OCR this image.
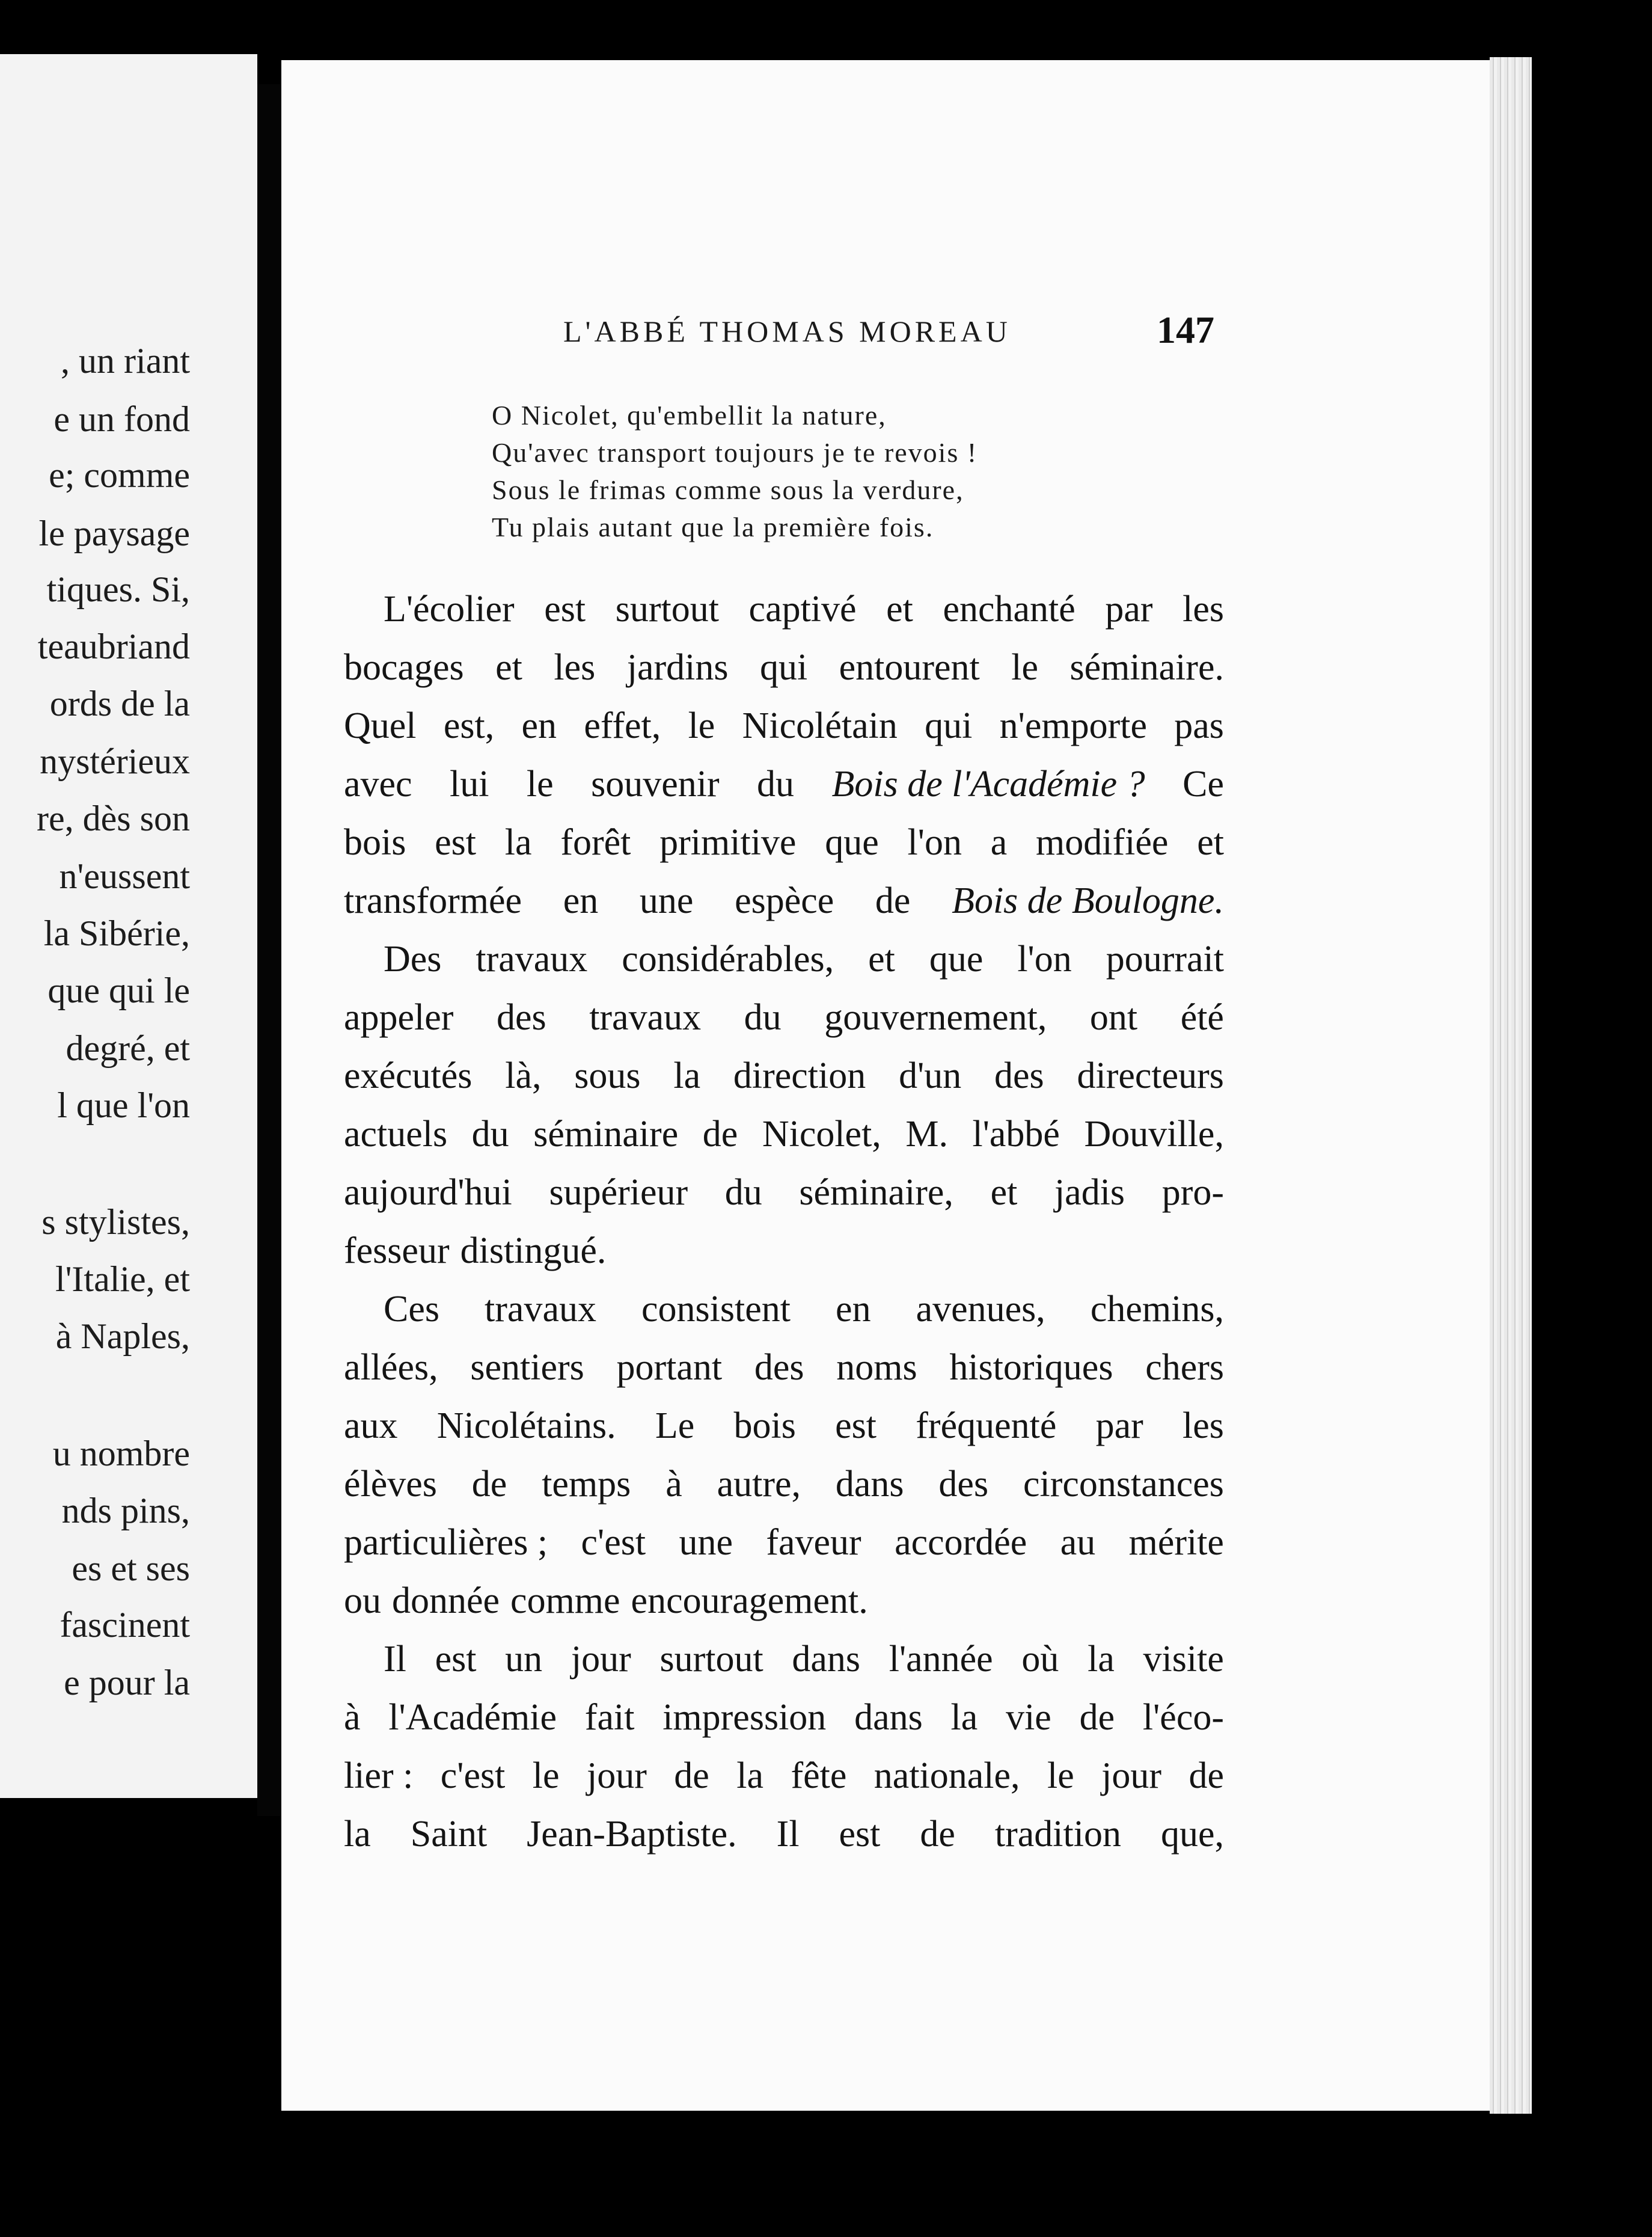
, un riant
e un fond
e; comme
le paysage
tiques. Si,
teaubriand
ords de la
nystérieux
re, dès son
n'eussent
la Sibérie,
que qui le
degré, et
l que l'on
s stylistes,
l'Italie, et
à Naples,
u nombre
nds pins,
es et ses
fascinent
e pour la
L'ABBÉ THOMAS MOREAU	147
O Nicolet, qu'embellit la nature,
Qu'avec transport toujours je te revois !
Sous le frimas comme sous la verdure,
Tu plais autant que la première fois.
L'écolier est surtout captivé et enchanté par les
bocages et les jardins qui entourent le séminaire.
Quel est, en effet, le Nicolétain qui n'emporte pas
avec lui le souvenir du Bois de l'Académie ? Ce
bois est la forêt primitive que l'on a modifiée et
transformée en une espèce de Bois de Boulogne.
Des travaux considérables, et que l'on pourrait
appeler des travaux du gouvernement, ont été
exécutés là, sous la direction d'un des directeurs
actuels du séminaire de Nicolet, M. l'abbé Douville,
aujourd'hui supérieur du séminaire, et jadis pro-
fesseur distingué.
Ces travaux consistent en avenues, chemins,
allées, sentiers portant des noms historiques chers
aux Nicolétains. Le bois est fréquenté par les
élèves de temps à autre, dans des circonstances
particulières ; c'est une faveur accordée au mérite
ou donnée comme encouragement.
Il est un jour surtout dans l'année où la visite
à l'Académie fait impression dans la vie de l'éco-
lier : c'est le jour de la fête nationale, le jour de
la Saint Jean-Baptiste. Il est de tradition que,
